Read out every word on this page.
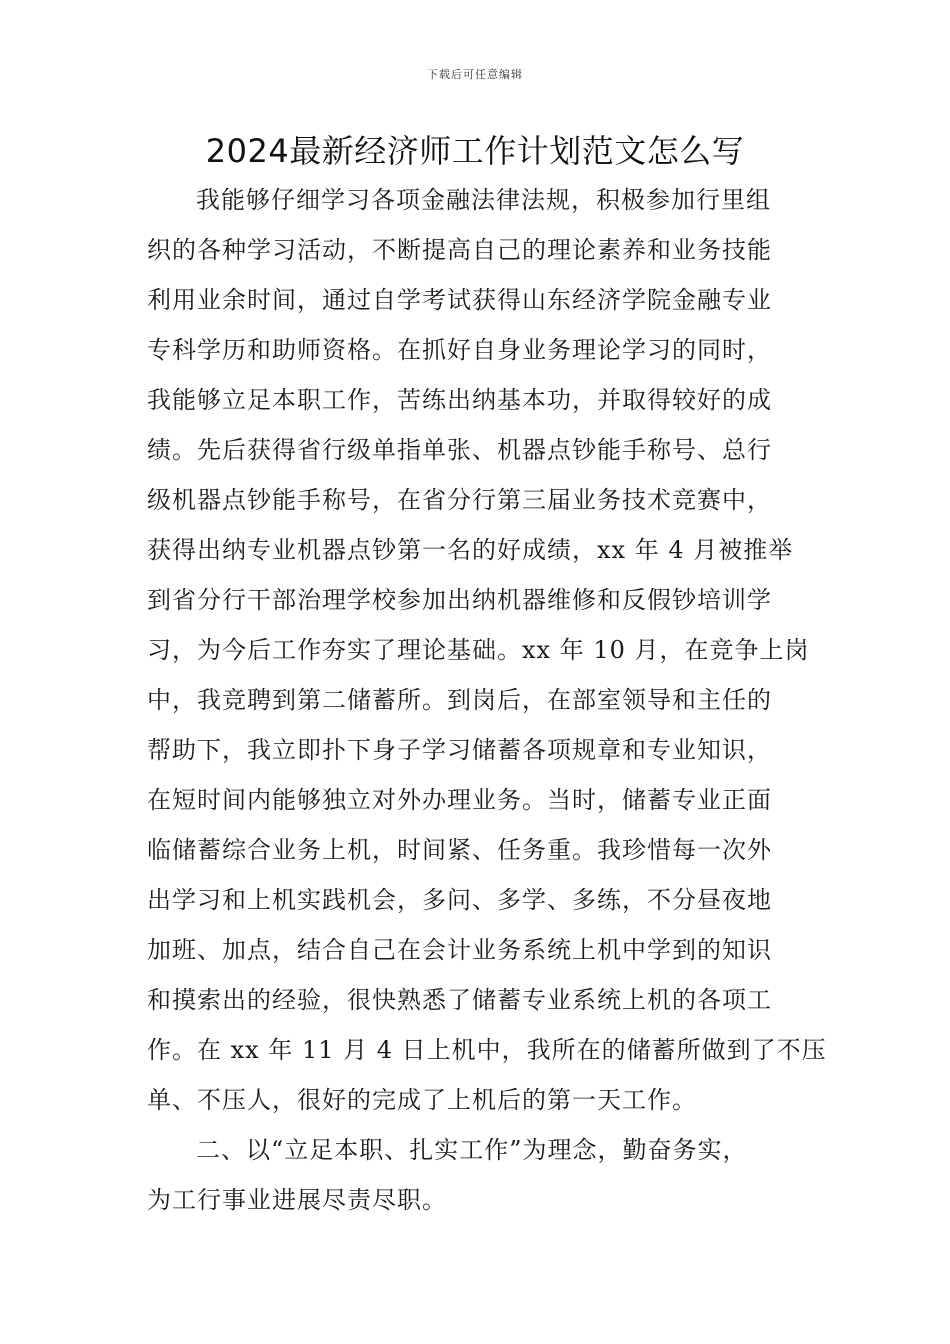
下载后可任意编辑
2024最新经济师工作计划范文怎么写
我能够仔细学习各项金融法律法规，积极参加行里组
织的各种学习活动，不断提高自己的理论素养和业务技能
利用业余时间，通过自学考试获得山东经济学院金融专业
专科学历和助师资格。在抓好自身业务理论学习的同时，
我能够立足本职工作，苦练出纳基本功，并取得较好的成
绩。先后获得省行级单指单张、机器点钞能手称号、总行
级机器点钞能手称号，在省分行第三届业务技术竞赛中，
获得出纳专业机器点钞第一名的好成绩，xx 年 4 月被推举
到省分行干部治理学校参加出纳机器维修和反假钞培训学
习，为今后工作夯实了理论基础。xx 年 10 月，在竞争上岗
中，我竞聘到第二储蓄所。到岗后，在部室领导和主任的
帮助下，我立即扑下身子学习储蓄各项规章和专业知识，
在短时间内能够独立对外办理业务。当时，储蓄专业正面
临储蓄综合业务上机，时间紧、任务重。我珍惜每一次外
出学习和上机实践机会，多问、多学、多练，不分昼夜地
加班、加点，结合自己在会计业务系统上机中学到的知识
和摸索出的经验，很快熟悉了储蓄专业系统上机的各项工
作。在 xx 年 11 月 4 日上机中，我所在的储蓄所做到了不压
单、不压人，很好的完成了上机后的第一天工作。
二、以“立足本职、扎实工作”为理念，勤奋务实，
为工行事业进展尽责尽职。
